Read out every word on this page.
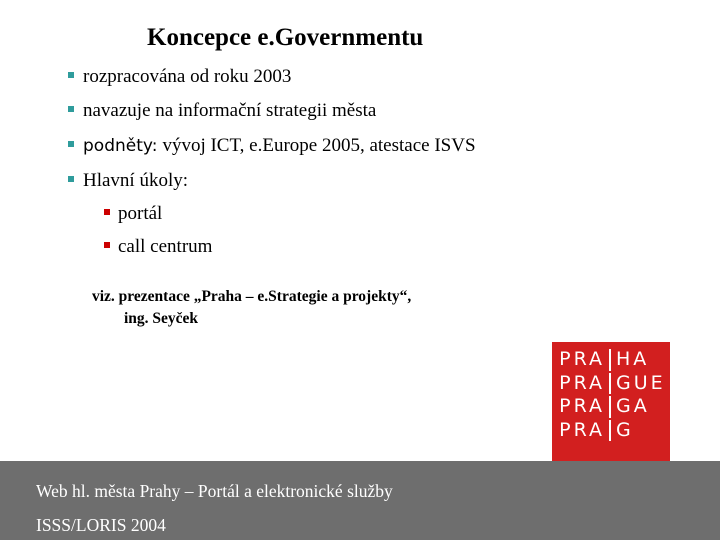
Koncepce e.Governmentu
rozpracována od roku 2003
navazuje na informační strategii města
podněty: vývoj ICT, e.Europe 2005, atestace ISVS
Hlavní úkoly:
portál
call centrum
viz. prezentace „Praha – e.Strategie a projekty“,
ing. Seyček
PRA HA
PRA GUE
PRA GA
PRA G
Web hl. města Prahy – Portál a elektronické služby
ISSS/LORIS 2004
